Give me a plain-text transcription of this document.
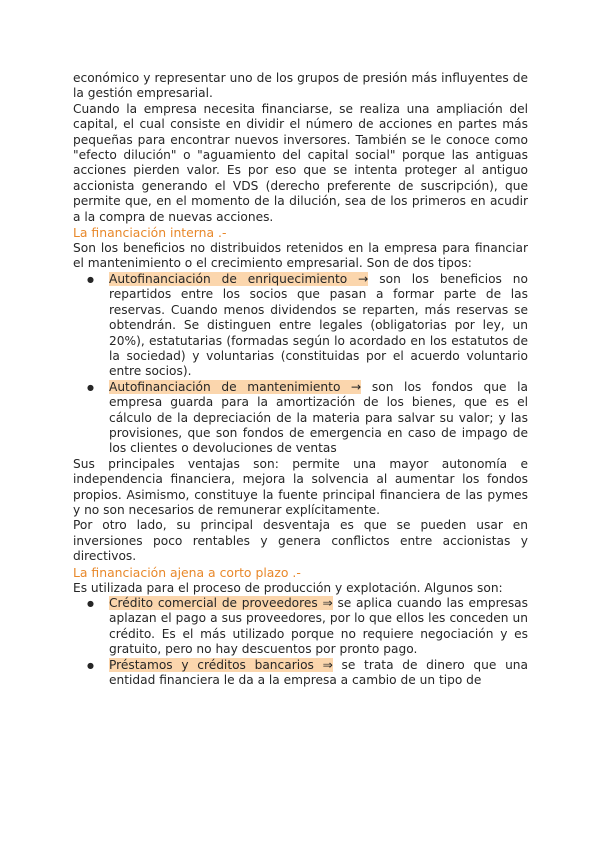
económico y representar uno de los grupos de presión más influyentes de la gestión empresarial.

Cuando la empresa necesita financiarse, se realiza una ampliación del capital, el cual consiste en dividir el número de acciones en partes más pequeñas para encontrar nuevos inversores. También se le conoce como "efecto dilución" o "aguamiento del capital social" porque las antiguas acciones pierden valor. Es por eso que se intenta proteger al antiguo accionista generando el VDS (derecho preferente de suscripción), que permite que, en el momento de la dilución, sea de los primeros en acudir a la compra de nuevas acciones.

La financiación interna .-

Son los beneficios no distribuidos retenidos en la empresa para financiar el mantenimiento o el crecimiento empresarial. Son de dos tipos:

● Autofinanciación de enriquecimiento → son los beneficios no repartidos entre los socios que pasan a formar parte de las reservas. Cuando menos dividendos se reparten, más reservas se obtendrán. Se distinguen entre legales (obligatorias por ley, un 20%), estatutarias (formadas según lo acordado en los estatutos de la sociedad) y voluntarias (constituidas por el acuerdo voluntario entre socios).
● Autofinanciación de mantenimiento → son los fondos que la empresa guarda para la amortización de los bienes, que es el cálculo de la depreciación de la materia para salvar su valor; y las provisiones, que son fondos de emergencia en caso de impago de los clientes o devoluciones de ventas

Sus principales ventajas son: permite una mayor autonomía e independencia financiera, mejora la solvencia al aumentar los fondos propios. Asimismo, constituye la fuente principal financiera de las pymes y no son necesarios de remunerar explícitamente.

Por otro lado, su principal desventaja es que se pueden usar en inversiones poco rentables y genera conflictos entre accionistas y directivos.

La financiación ajena a corto plazo .-

Es utilizada para el proceso de producción y explotación. Algunos son:

● Crédito comercial de proveedores ⇒ se aplica cuando las empresas aplazan el pago a sus proveedores, por lo que ellos les conceden un crédito. Es el más utilizado porque no requiere negociación y es gratuito, pero no hay descuentos por pronto pago.
● Préstamos y créditos bancarios ⇒ se trata de dinero que una entidad financiera le da a la empresa a cambio de un tipo de
